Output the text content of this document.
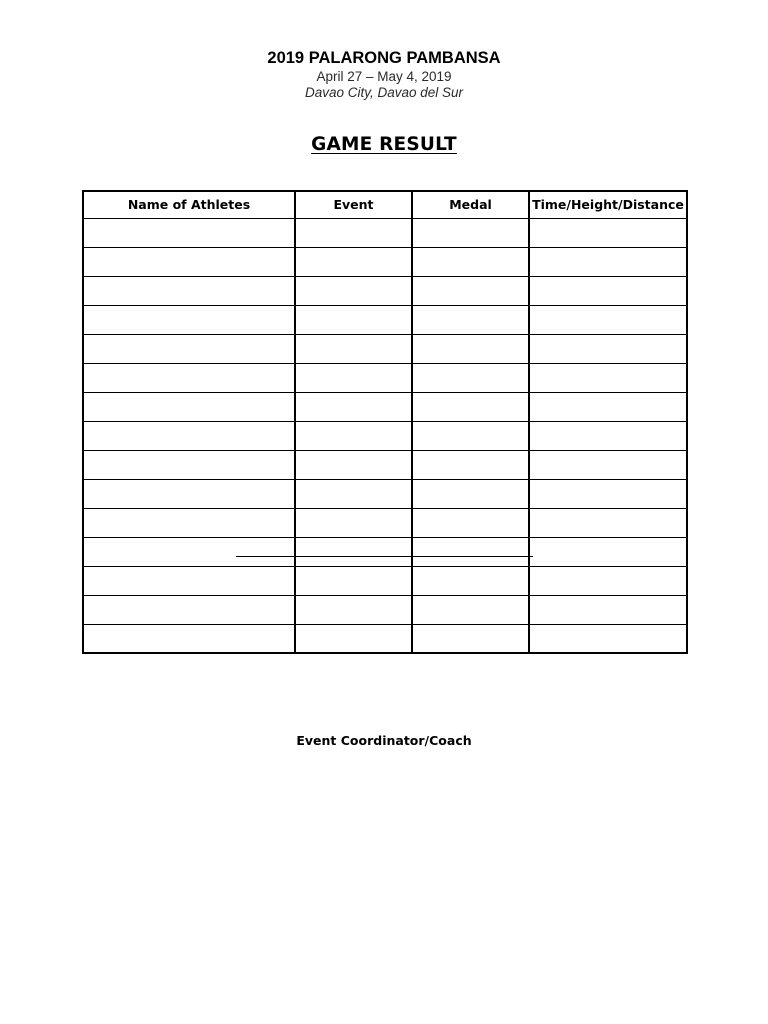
2019 PALARONG PAMBANSA
April 27 – May 4, 2019
Davao City, Davao del Sur
GAME RESULT
Name of Athletes	Event	Medal	Time/Height/Distance

Event Coordinator/Coach
